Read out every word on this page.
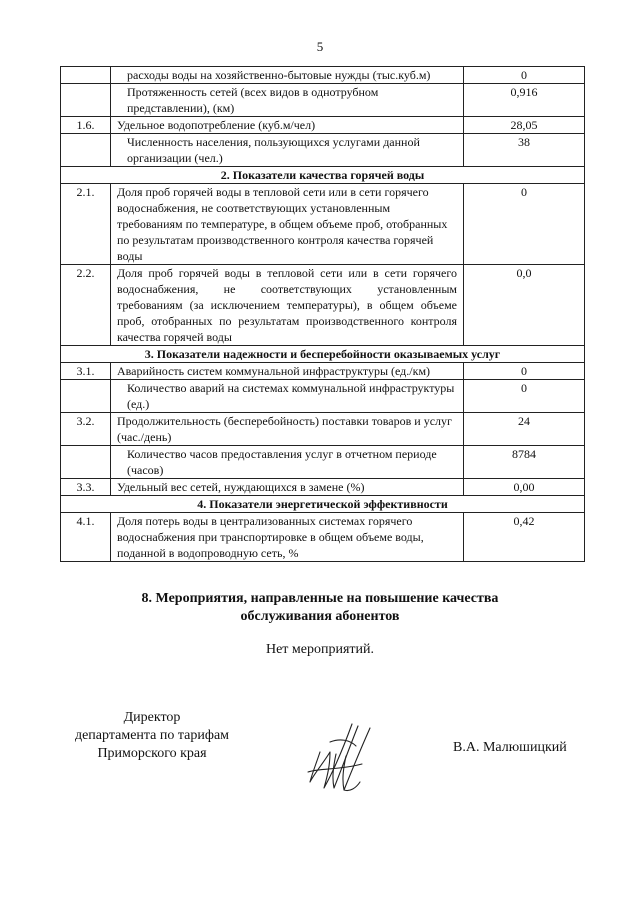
5
	расходы воды на хозяйственно-бытовые нужды (тыс.куб.м)	0
	Протяженность сетей (всех видов в однотрубном представлении), (км)	0,916
1.6.	Удельное водопотребление (куб.м/чел)	28,05
	Численность населения, пользующихся услугами данной организации (чел.)	38
2. Показатели качества горячей воды		
2.1.	Доля проб горячей воды в тепловой сети или в сети горячего водоснабжения, не соответствующих установленным требованиям по температуре, в общем объеме проб, отобранных по результатам производственного контроля качества горячей воды	0
2.2.	Доля проб горячей воды в тепловой сети или в сети горячего водоснабжения, не соответствующих установленным требованиям (за исключением температуры), в общем объеме проб, отобранных по результатам производственного контроля качества горячей воды	0,0
3. Показатели надежности и бесперебойности оказываемых услуг		
3.1.	Аварийность систем коммунальной инфраструктуры (ед./км)	0
	Количество аварий на системах коммунальной инфраструктуры (ед.)	0
3.2.	Продолжительность (бесперебойность) поставки товаров и услуг (час./день)	24
	Количество часов предоставления услуг в отчетном периоде (часов)	8784
3.3.	Удельный вес сетей, нуждающихся в замене (%)	0,00
4. Показатели энергетической эффективности		
4.1.	Доля потерь воды в централизованных системах горячего водоснабжения при транспортировке в общем объеме воды, поданной в водопроводную сеть, %	0,42
8. Мероприятия, направленные на повышение качества
обслуживания абонентов
Нет мероприятий.
Директор
департамента по тарифам
Приморского края	В.А. Малюшицкий
